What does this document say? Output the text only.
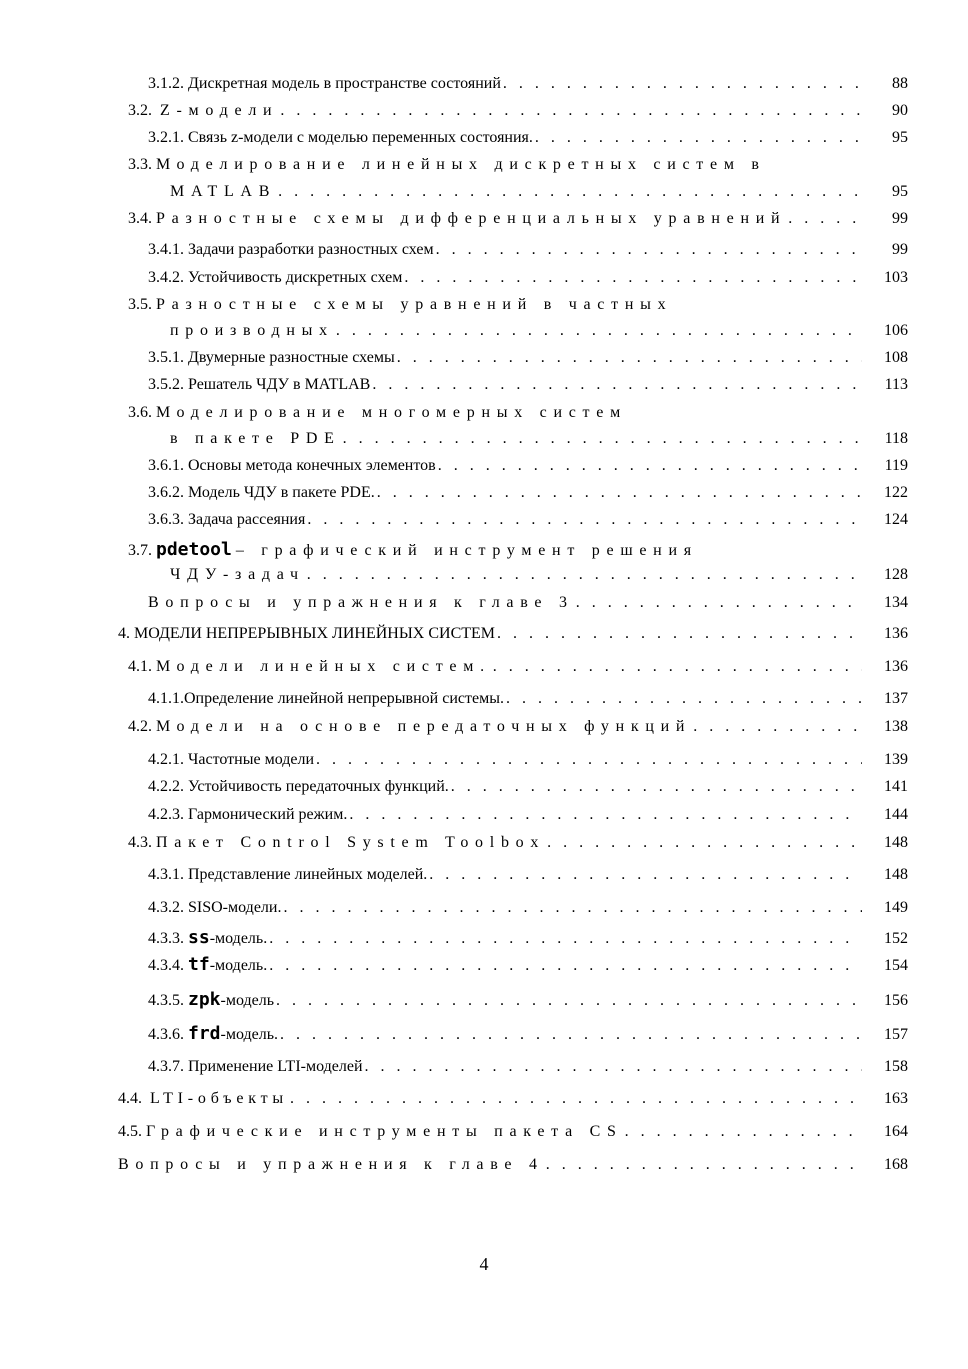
3.1.2. Дискретная модель в пространстве состояний . . .	88
3.2. Z-модели . . .	90
3.2.1. Связь z-модели с моделью переменных состояния. . . .	95
3.3. Моделирование линейных дискретных систем в
MATLAB . . .	95
3.4. Разностные схемы дифференциальных уравнений . . .	99
3.4.1. Задачи разработки разностных схем . . .	99
3.4.2. Устойчивость дискретных схем . . .	103
3.5. Разностные схемы уравнений в частных
производных . . .	106
3.5.1. Двумерные разностные схемы . . .	108
3.5.2. Решатель ЧДУ в MATLAB . . .	113
3.6. Моделирование многомерных систем
в пакете PDE . . .	118
3.6.1. Основы метода конечных элементов . . .	119
3.6.2. Модель ЧДУ в пакете PDE. . . .	122
3.6.3. Задача рассеяния . . .	124
3.7. pdetool – графический инструмент решения
ЧДУ-задач . . .	128
Вопросы и упражнения к главе 3 . . .	134
4. МОДЕЛИ НЕПРЕРЫВНЫХ ЛИНЕЙНЫХ СИСТЕМ . . .	136
4.1. Модели линейных систем. . . .	136
4.1.1.Определение линейной непрерывной системы. . . .	137
4.2. Модели на основе передаточных функций . . .	138
4.2.1. Частотные модели . . .	139
4.2.2. Устойчивость передаточных функций. . . .	141
4.2.3. Гармонический режим. . . .	144
4.3. Пакет Control System Toolbox . . .	148
4.3.1. Представление линейных моделей. . . .	148
4.3.2. SISO-модели. . . .	149
4.3.3. ss-модель. . . .	152
4.3.4. tf-модель. . . .	154
4.3.5. zpk-модель . . .	156
4.3.6. frd-модель. . . .	157
4.3.7. Применение LTI-моделей . . .	158
4.4. LTI-объекты . . .	163
4.5. Графические инструменты пакета CS . . .	164
Вопросы и упражнения к главе 4 . . .	168
4
